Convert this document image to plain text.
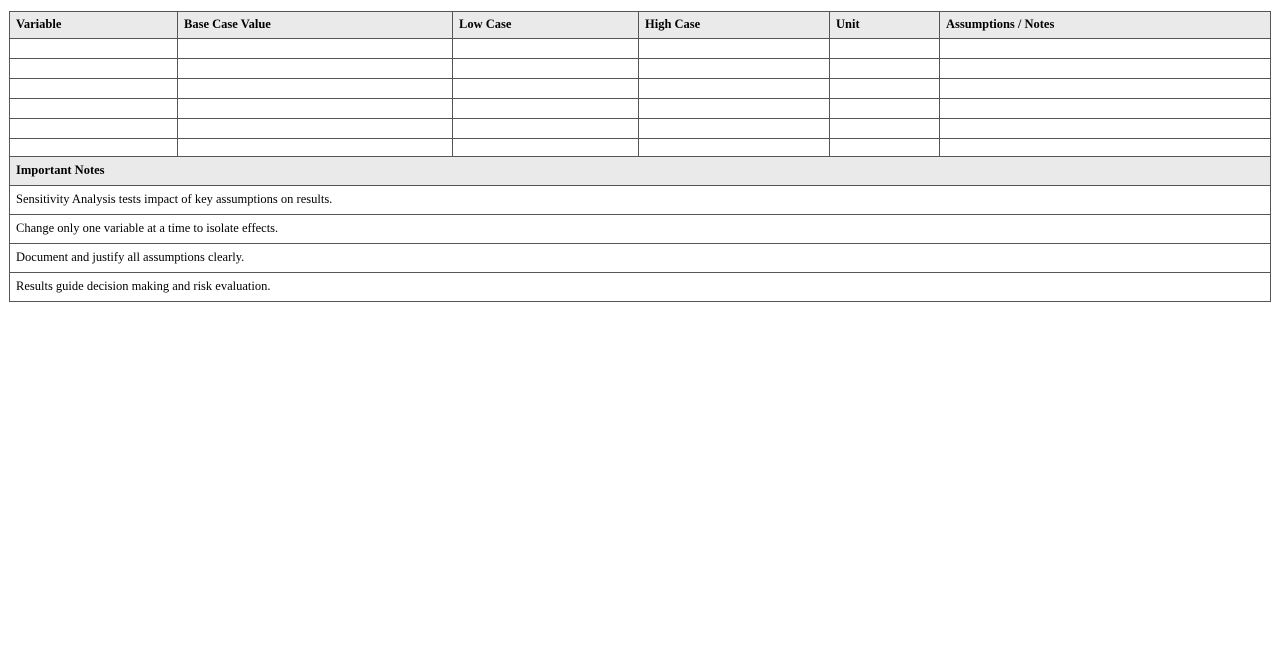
Variable	Base Case Value	Low Case	High Case	Unit	Assumptions / Notes

Important Notes
Sensitivity Analysis tests impact of key assumptions on results.
Change only one variable at a time to isolate effects.
Document and justify all assumptions clearly.
Results guide decision making and risk evaluation.
